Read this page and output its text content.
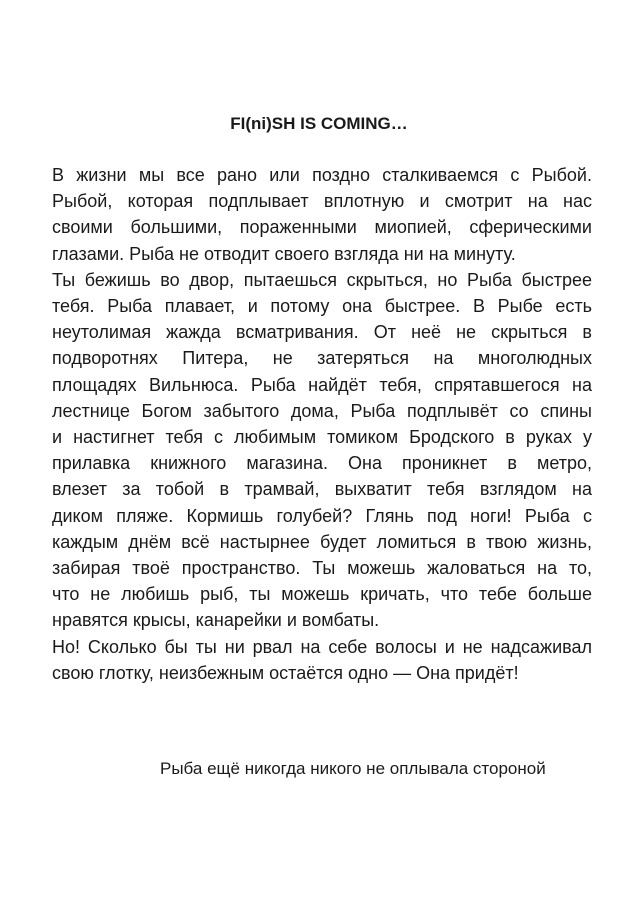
FI(ni)SH IS COMING…
В жизни мы все рано или поздно сталкиваемся с Рыбой.
Рыбой, которая подплывает вплотную и смотрит на нас
своими большими, пораженными миопией, сферическими
глазами. Рыба не отводит своего взгляда ни на минуту.
Ты бежишь во двор, пытаешься скрыться, но Рыба быстрее
тебя. Рыба плавает, и потому она быстрее. В Рыбе есть
неутолимая жажда всматривания. От неё не скрыться в
подворотнях Питера, не затеряться на многолюдных
площадях Вильнюса. Рыба найдёт тебя, спрятавшегося на
лестнице Богом забытого дома, Рыба подплывёт со спины
и настигнет тебя с любимым томиком Бродского в руках у
прилавка книжного магазина. Она проникнет в метро,
влезет за тобой в трамвай, выхватит тебя взглядом на
диком пляже. Кормишь голубей? Глянь под ноги! Рыба с
каждым днём всё настырнее будет ломиться в твою жизнь,
забирая твоё пространство. Ты можешь жаловаться на то,
что не любишь рыб, ты можешь кричать, что тебе больше
нравятся крысы, канарейки и вомбаты.
Но! Сколько бы ты ни рвал на себе волосы и не надсаживал
свою глотку, неизбежным остаётся одно — Она придёт!
Рыба ещё никогда никого не оплывала стороной
